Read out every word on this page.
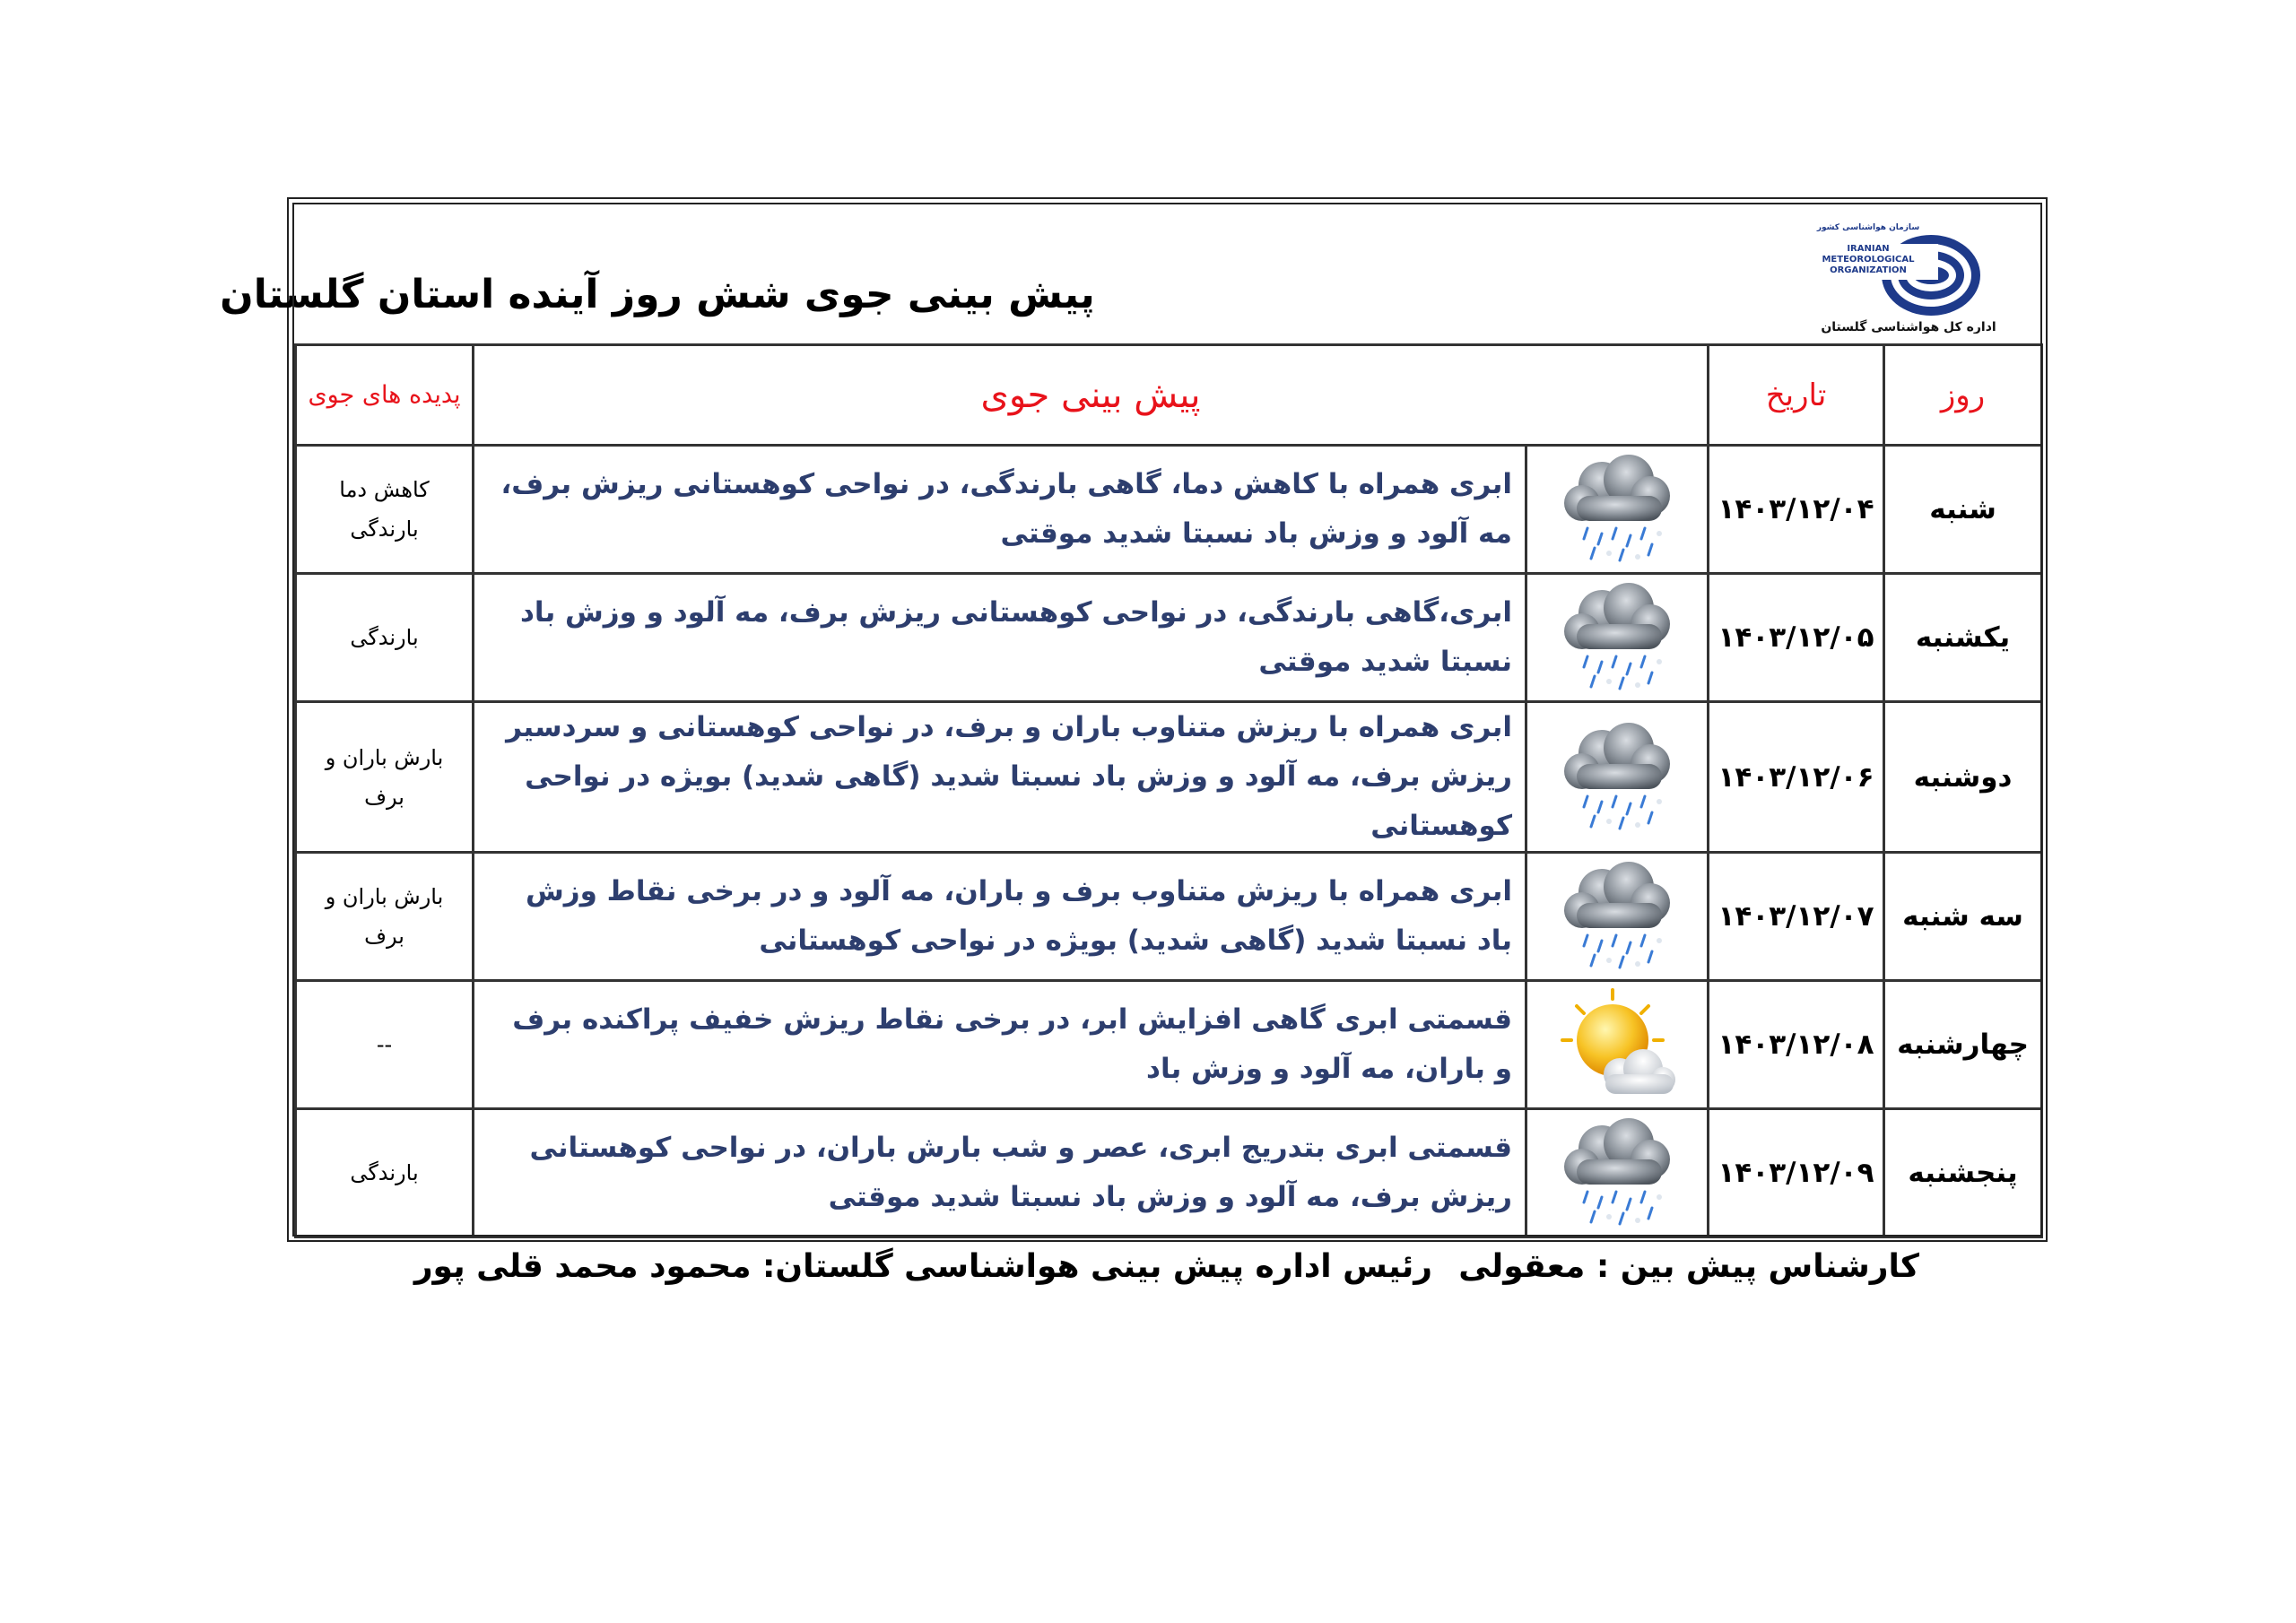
پیش بینی جوی شش روز آینده استان گلستان
سازمان هواشناسی کشور
IRANIAN
METEOROLOGICAL
ORGANIZATION
اداره کل هواشناسی گلستان
روز	تاریخ	پیش بینی جوی		پدیده های جوی
شنبه	۱۴۰۳/۱۲/۰۴		ابری همراه با کاهش دما، گاهی بارندگی، در نواحی کوهستانی ریزش برف، مه آلود و وزش باد نسبتا شدید موقتی	کاهش دما بارندگی
یکشنبه	۱۴۰۳/۱۲/۰۵		ابری،گاهی بارندگی، در نواحی کوهستانی ریزش برف، مه آلود و وزش باد نسبتا شدید موقتی	بارندگی
دوشنبه	۱۴۰۳/۱۲/۰۶		ابری همراه با ریزش متناوب باران و برف، در نواحی کوهستانی و سردسیر ریزش برف، مه آلود و وزش باد نسبتا شدید (گاهی شدید) بویژه در نواحی کوهستانی	بارش باران و برف
سه شنبه	۱۴۰۳/۱۲/۰۷		ابری همراه با ریزش متناوب برف و باران، مه آلود و در برخی نقاط وزش باد نسبتا شدید (گاهی شدید) بویژه در نواحی کوهستانی	بارش باران و برف
چهارشنبه	۱۴۰۳/۱۲/۰۸		قسمتی ابری گاهی افزایش ابر، در برخی نقاط ریزش خفیف پراکنده برف و باران، مه آلود و وزش باد	--
پنجشنبه	۱۴۰۳/۱۲/۰۹		قسمتی ابری بتدریج ابری، عصر و شب بارش باران، در نواحی کوهستانی ریزش برف، مه آلود و وزش باد نسبتا شدید موقتی	بارندگی
کارشناس پیش بین : معقولی
رئیس اداره پیش بینی هواشناسی گلستان: محمود محمد قلی پور
